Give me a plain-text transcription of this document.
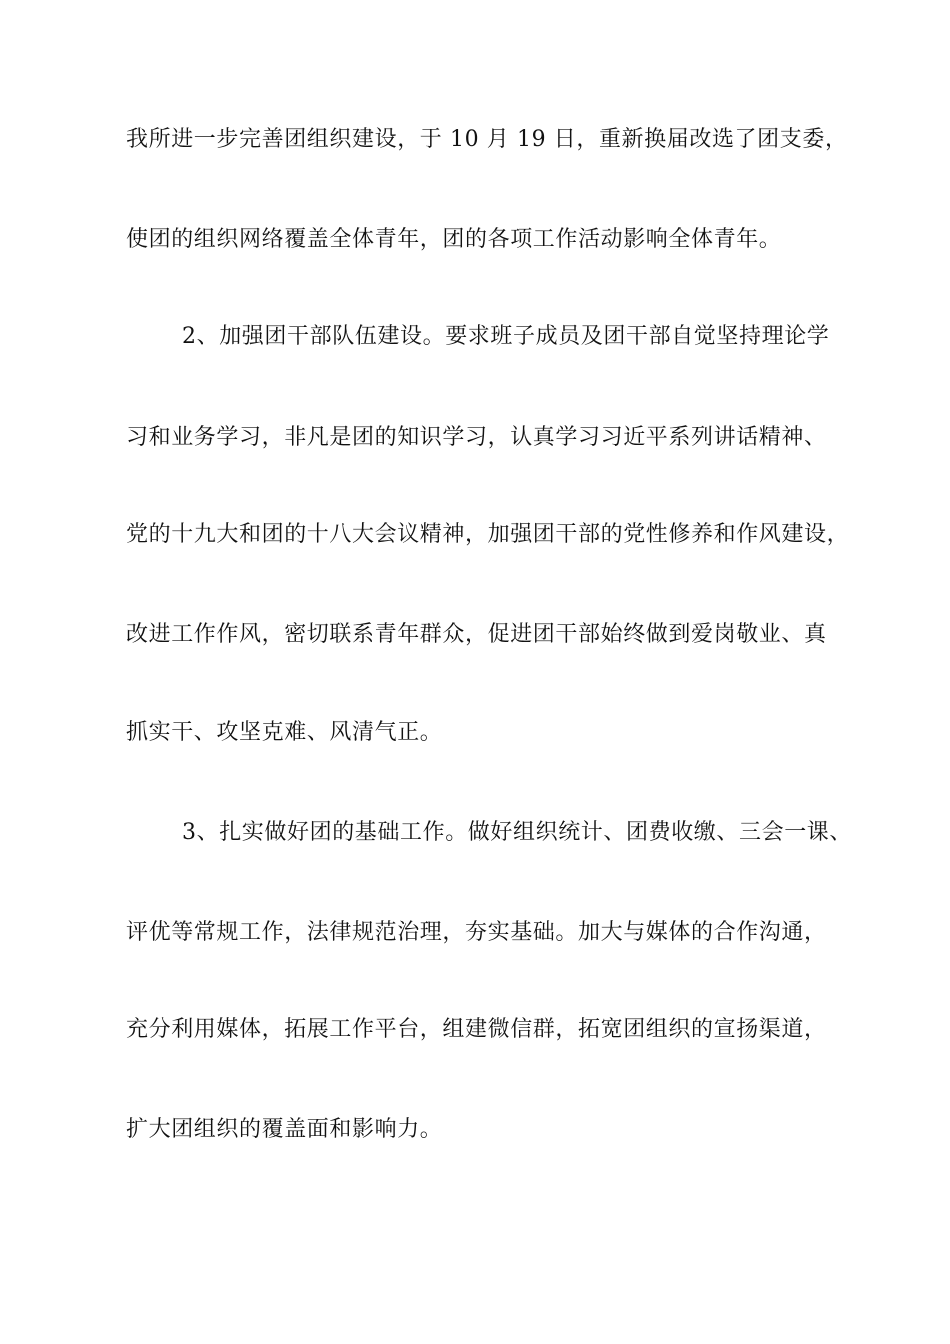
我所进一步完善团组织建设，于 10 月 19 日，重新换届改选了团支委，
使团的组织网络覆盖全体青年，团的各项工作活动影响全体青年。
2、加强团干部队伍建设。要求班子成员及团干部自觉坚持理论学
习和业务学习，非凡是团的知识学习，认真学习习近平系列讲话精神、
党的十九大和团的十八大会议精神，加强团干部的党性修养和作风建设，
改进工作作风，密切联系青年群众，促进团干部始终做到爱岗敬业、真
抓实干、攻坚克难、风清气正。
3、扎实做好团的基础工作。做好组织统计、团费收缴、三会一课、
评优等常规工作，法律规范治理，夯实基础。加大与媒体的合作沟通，
充分利用媒体，拓展工作平台，组建微信群，拓宽团组织的宣扬渠道，
扩大团组织的覆盖面和影响力。
